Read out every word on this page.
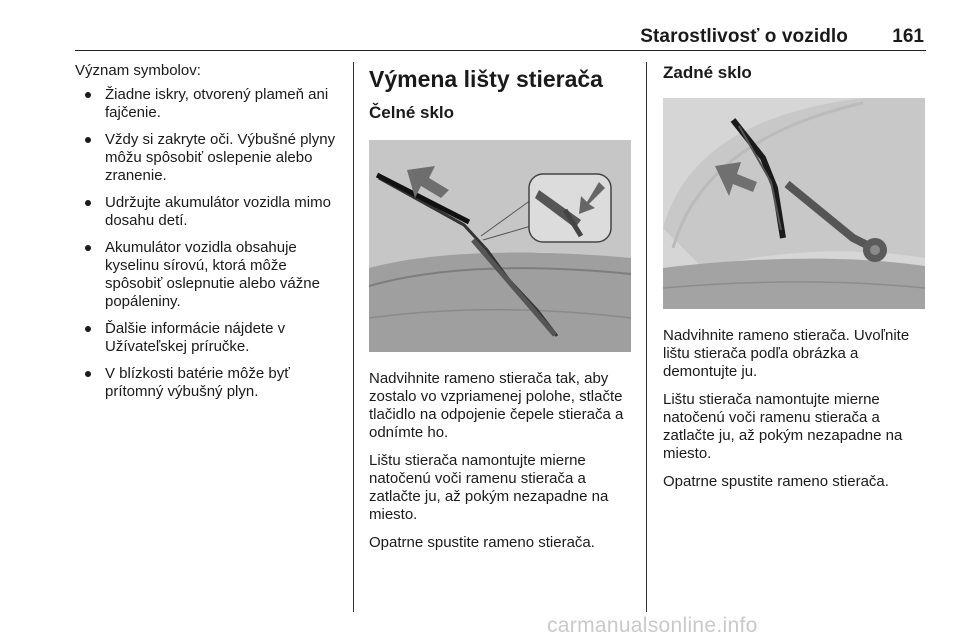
Starostlivosť o vozidlo 161

Význam symbolov:

Žiadne iskry, otvorený plameň ani fajčenie.
Vždy si zakryte oči. Výbušné plyny môžu spôsobiť oslepenie alebo zranenie.
Udržujte akumulátor vozidla mimo dosahu detí.
Akumulátor vozidla obsahuje kyselinu sírovú, ktorá môže spôsobiť oslepnutie alebo vážne popáleniny.
Ďalšie informácie nájdete v Užívateľskej príručke.
V blízkosti batérie môže byť prítomný výbušný plyn.
Výmena lišty stierača
Čelné sklo

Nadvihnite rameno stierača tak, aby zostalo vo vzpriamenej polohe, stlačte tlačidlo na odpojenie čepele stierača a odnímte ho.

Lištu stierača namontujte mierne natočenú voči ramenu stierača a zatlačte ju, až pokým nezapadne na miesto.

Opatrne spustite rameno stierača.

Zadné sklo

Nadvihnite rameno stierača. Uvoľnite lištu stierača podľa obrázka a demontujte ju.

Lištu stierača namontujte mierne natočenú voči ramenu stierača a zatlačte ju, až pokým nezapadne na miesto.

Opatrne spustite rameno stierača.

carmanualsonline.info
